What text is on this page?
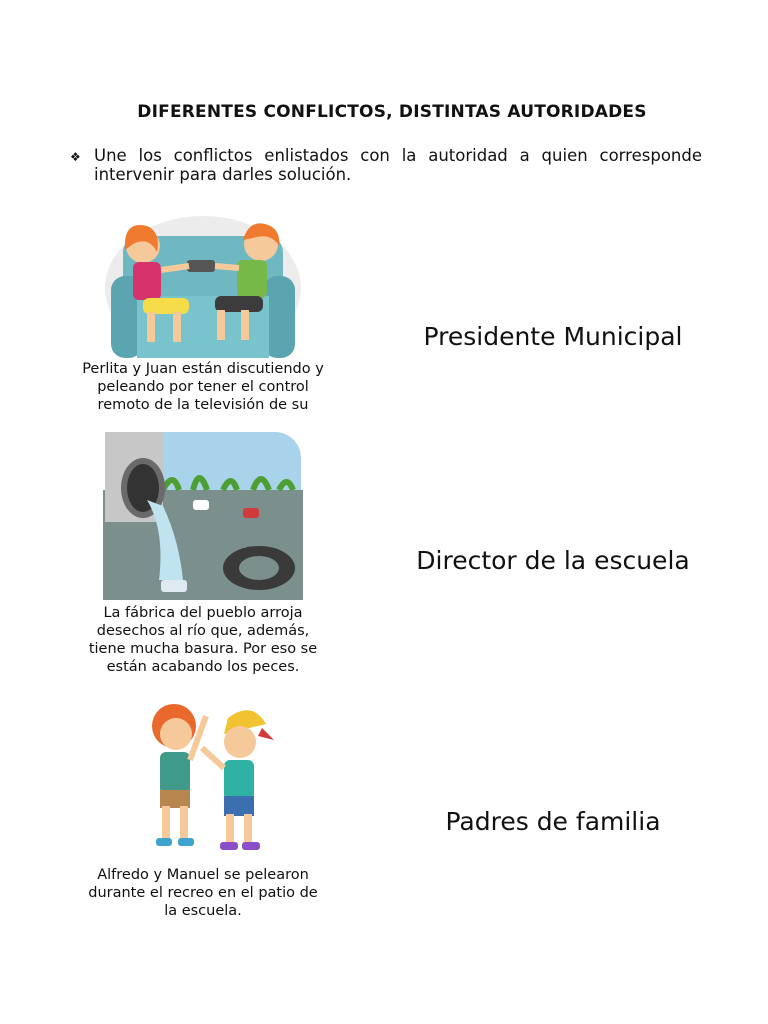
DIFERENTES CONFLICTOS, DISTINTAS AUTORIDADES
❖ Une los conflictos enlistados con la autoridad a quien corresponde intervenir para darles solución.
Perlita y Juan están discutiendo y peleando por tener el control remoto de la televisión de su
La fábrica del pueblo arroja desechos al río que, además, tiene mucha basura. Por eso se están acabando los peces.
Alfredo y Manuel se pelearon durante el recreo en el patio de la escuela.
Presidente Municipal
Director de la escuela
Padres de familia
